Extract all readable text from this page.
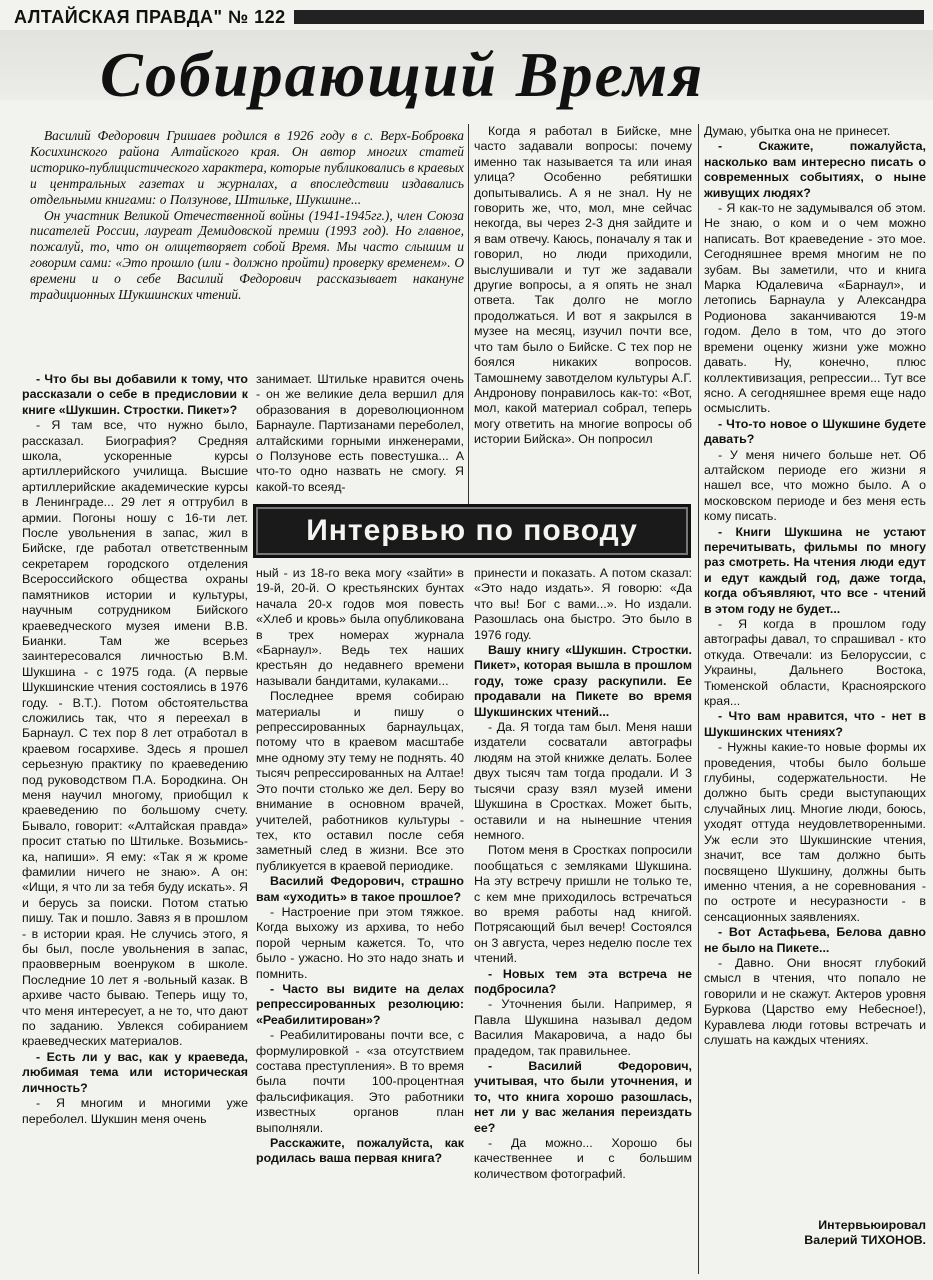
АЛТАЙСКАЯ ПРАВДА" № 122
Собирающий Время

Василий Федорович Гришаев родился в 1926 году в с. Верх-Бобровка Косихинского района Алтайского края. Он автор многих статей историко-публицистического характера, которые публиковались в краевых и центральных газетах и журналах, а впоследствии издавались отдельными книгами: о Ползунове, Штильке, Шукшине...

Он участник Великой Отечественной войны (1941-1945гг.), член Союза писателей России, лауреат Демидовской премии (1993 год). Но главное, пожалуй, то, что он олицетворяет собой Время. Мы часто слышим и говорим сами: «Это прошло (или - должно пройти) проверку временем». О времени и о себе Василий Федорович рассказывает накануне традиционных Шукшинских чтений.

- Что бы вы добавили к тому, что рассказали о себе в предисловии к книге «Шукшин. Стростки. Пикет»?

- Я там все, что нужно было, рассказал. Биография? Средняя школа, ускоренные курсы артиллерийского училища. Высшие артиллерийские академические курсы в Ленинграде... 29 лет я оттрубил в армии. Погоны ношу с 16-ти лет. После увольнения в запас, жил в Бийске, где работал ответственным секретарем городского отделения Всероссийского общества охраны памятников истории и культуры, научным сотрудником Бийского краеведческого музея имени В.В. Бианки. Там же всерьез заинтересовался личностью В.М. Шукшина - с 1975 года. (А первые Шукшинские чтения состоялись в 1976 году. - В.Т.). Потом обстоятельства сложились так, что я переехал в Барнаул. С тех пор 8 лет отработал в краевом госархиве. Здесь я прошел серьезную практику по краеведению под руководством П.А. Бородкина. Он меня научил многому, приобщил к краеведению по большому счету. Бывало, говорит: «Алтайская правда» просит статью по Штильке. Возьмись-ка, напиши». Я ему: «Так я ж кроме фамилии ничего не знаю». А он: «Ищи, я что ли за тебя буду искать». Я и берусь за поиски. Потом статью пишу. Так и пошло. Завяз я в прошлом - в истории края. Не случись этого, я бы был, после увольнения в запас, праовверным военруком в школе. Последние 10 лет я -вольный казак. В архиве часто бываю. Теперь ищу то, что меня интересует, а не то, что дают по заданию. Увлекся собиранием краеведческих материалов.

- Есть ли у вас, как у краеведа, любимая тема или историческая личность?

- Я многим и многими уже переболел. Шукшин меня очень

занимает. Штильке нравится очень - он же великие дела вершил для образования в дореволюционном Барнауле. Партизанами переболел, алтайскими горными инженерами, о Ползунове есть повестушка... А что-то одно назвать не смогу. Я какой-то всеяд-

Когда я работал в Бийске, мне часто задавали вопросы: почему именно так называется та или иная улица? Особенно ребятишки допытывались. А я не знал. Ну не говорить же, что, мол, мне сейчас некогда, вы через 2-3 дня зайдите и я вам отвечу. Каюсь, поначалу я так и говорил, но люди приходили, выслушивали и тут же задавали другие вопросы, а я опять не знал ответа. Так долго не могло продолжаться. И вот я закрылся в музее на месяц, изучил почти все, что там было о Бийске. С тех пор не боялся никаких вопросов. Тамошнему завотделом культуры А.Г. Андронову понравилось как-то: «Вот, мол, какой материал собрал, теперь могу ответить на многие вопросы об истории Бийска». Он попросил

Интервью по поводу

ный - из 18-го века могу «зайти» в 19-й, 20-й. О крестьянских бунтах начала 20-х годов моя повесть «Хлеб и кровь» была опубликована в трех номерах журнала «Барнаул». Ведь тех наших крестьян до недавнего времени называли бандитами, кулаками...

Последнее время собираю материалы и пишу о репрессированных барнаульцах, потому что в краевом масштабе мне одному эту тему не поднять. 40 тысяч репрессированных на Алтае! Это почти столько же дел. Беру во внимание в основном врачей, учителей, работников культуры - тех, кто оставил после себя заметный след в жизни. Все это публикуется в краевой периодике.

Василий Федорович, страшно вам «уходить» в такое прошлое?

- Настроение при этом тяжкое. Когда выхожу из архива, то небо порой черным кажется. То, что было - ужасно. Но это надо знать и помнить.

- Часто вы видите на делах репрессированных резолюцию: «Реабилитирован»?

- Реабилитированы почти все, с формулировкой - «за отсутствием состава преступления». В то время была почти 100-процентная фальсификация. Это работники известных органов план выполняли.

Расскажите, пожалуйста, как родилась ваша первая книга?

принести и показать. А потом сказал: «Это надо издать». Я говорю: «Да что вы! Бог с вами...». Но издали. Разошлась она быстро. Это было в 1976 году.

Вашу книгу «Шукшин. Стростки. Пикет», которая вышла в прошлом году, тоже сразу раскупили. Ее продавали на Пикете во время Шукшинских чтений...

- Да. Я тогда там был. Меня наши издатели сосватали автографы людям на этой книжке делать. Более двух тысяч там тогда продали. И 3 тысячи сразу взял музей имени Шукшина в Сростках. Может быть, оставили и на нынешние чтения немного.

Потом меня в Сростках попросили пообщаться с земляками Шукшина. На эту встречу пришли не только те, с кем мне приходилось встречаться во время работы над книгой. Потрясающий был вечер! Состоялся он 3 августа, через неделю после тех чтений.

- Новых тем эта встреча не подбросила?

- Уточнения были. Например, я Павла Шукшина называл дедом Василия Макаровича, а надо бы прадедом, так правильнее.

- Василий Федорович, учитывая, что были уточнения, и то, что книга хорошо разошлась, нет ли у вас желания переиздать ее?

- Да можно... Хорошо бы качественнее и с большим количеством фотографий.

Думаю, убытка она не принесет.

- Скажите, пожалуйста, насколько вам интересно писать о современных событиях, о ныне живущих людях?

- Я как-то не задумывался об этом. Не знаю, о ком и о чем можно написать. Вот краеведение - это мое. Сегодняшнее время многим не по зубам. Вы заметили, что и книга Марка Юдалевича «Барнаул», и летопись Барнаула у Александра Родионова заканчиваются 19-м годом. Дело в том, что до этого времени оценку жизни уже можно давать. Ну, конечно, плюс коллективизация, репрессии... Тут все ясно. А сегодняшнее время еще надо осмыслить.

- Что-то новое о Шукшине будете давать?

- У меня ничего больше нет. Об алтайском периоде его жизни я нашел все, что можно было. А о московском периоде и без меня есть кому писать.

- Книги Шукшина не устают перечитывать, фильмы по многу раз смотреть. На чтения люди едут и едут каждый год, даже тогда, когда объявляют, что все - чтений в этом году не будет...

- Я когда в прошлом году автографы давал, то спрашивал - кто откуда. Отвечали: из Белоруссии, с Украины, Дальнего Востока, Тюменской области, Красноярского края...

- Что вам нравится, что - нет в Шукшинских чтениях?

- Нужны какие-то новые формы их проведения, чтобы было больше глубины, содержательности. Не должно быть среди выступающих случайных лиц. Многие люди, боюсь, уходят оттуда неудовлетворенными. Уж если это Шукшинские чтения, значит, все там должно быть посвящено Шукшину, должны быть именно чтения, а не соревнования - по остроте и несуразности - в сенсационных заявлениях.

- Вот Астафьева, Белова давно не было на Пикете...

- Давно. Они вносят глубокий смысл в чтения, что попало не говорили и не скажут. Актеров уровня Буркова (Царство ему Небесное!), Куравлева люди готовы встречать и слушать на каждых чтениях.

Интервьюировал
Валерий ТИХОНОВ.
